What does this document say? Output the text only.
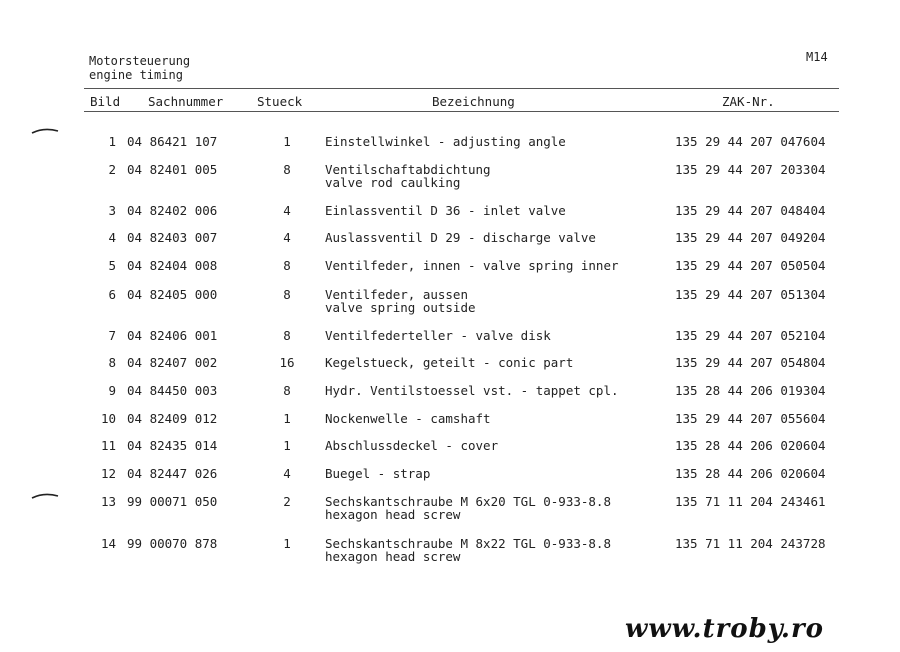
Motorsteuerung
engine timing
M14
Bild Sachnummer	Stueck	Bezeichnung	ZAK-Nr.
1 04 86421 107	1	Einstellwinkel - adjusting angle	135 29 44 207 047604
2 04 82401 005	8	Ventilschaftabdichtung	135 29 44 207 203304
valve rod caulking
3 04 82402 006	4	Einlassventil D 36 - inlet valve	135 29 44 207 048404
4 04 82403 007	4	Auslassventil D 29 - discharge valve	135 29 44 207 049204
5 04 82404 008	8	Ventilfeder, innen - valve spring inner	135 29 44 207 050504
6 04 82405 000	8	Ventilfeder, aussen	135 29 44 207 051304
valve spring outside
7 04 82406 001	8	Ventilfederteller - valve disk	135 29 44 207 052104
8 04 82407 002	16	Kegelstueck, geteilt - conic part	135 29 44 207 054804
9 04 84450 003	8	Hydr. Ventilstoessel vst. - tappet cpl.	135 28 44 206 019304
10 04 82409 012	1	Nockenwelle - camshaft	135 29 44 207 055604
11 04 82435 014	1	Abschlussdeckel - cover	135 28 44 206 020604
12 04 82447 026	4	Buegel - strap	135 28 44 206 020604
13 99 00071 050	2	Sechskantschraube M 6x20 TGL 0-933-8.8	135 71 11 204 243461
hexagon head screw
14 99 00070 878	1	Sechskantschraube M 8x22 TGL 0-933-8.8	135 71 11 204 243728
hexagon head screw
www.troby.ro
